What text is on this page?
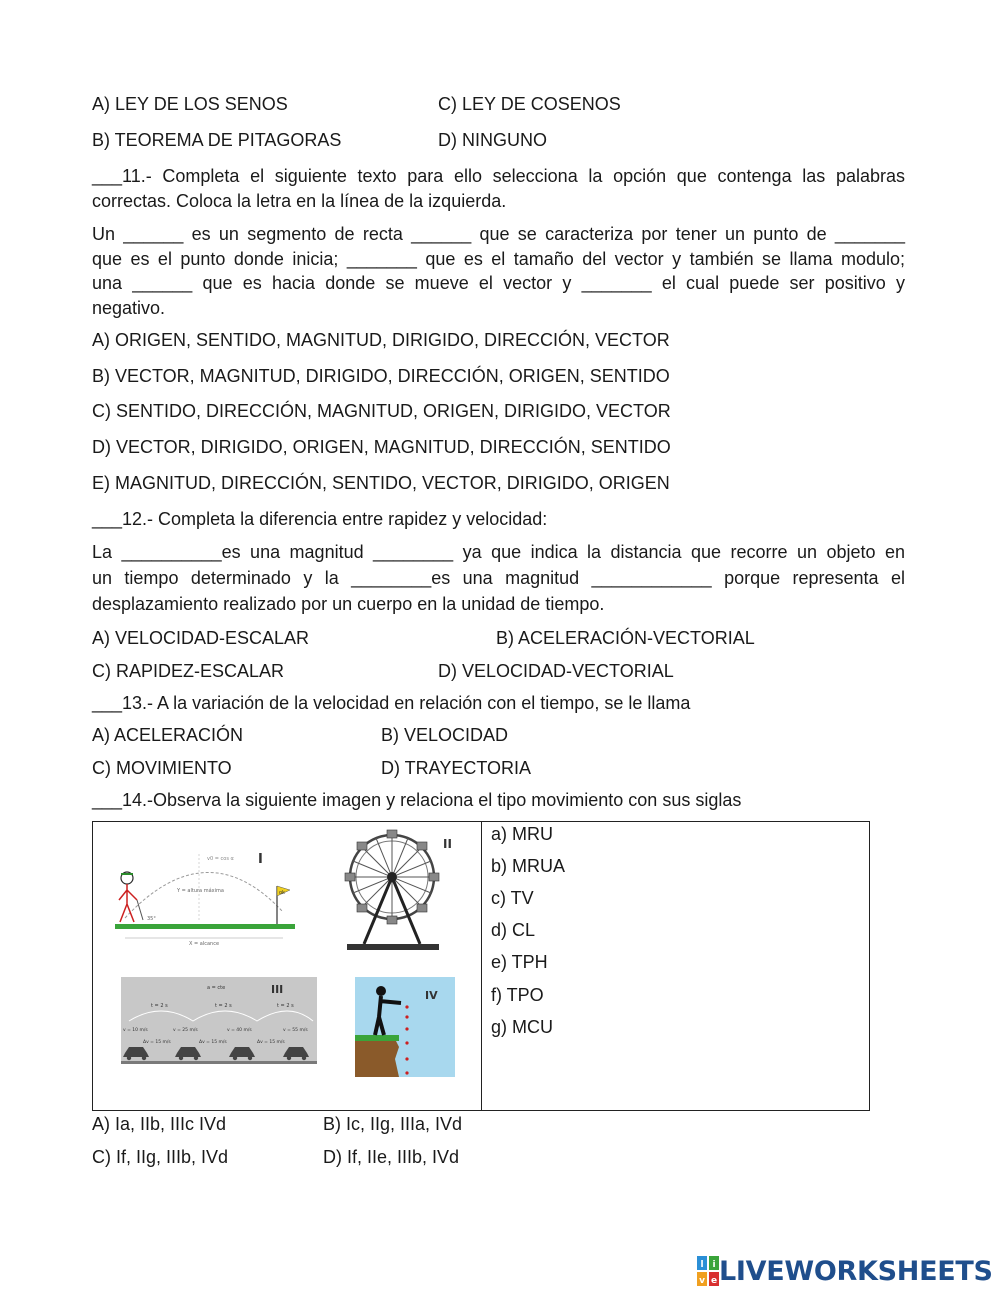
A) LEY DE LOS SENOS	C) LEY DE COSENOS
B) TEOREMA DE PITAGORAS	D) NINGUNO
___11.- Completa el siguiente texto para ello selecciona la opción que contenga las palabras
correctas. Coloca la letra en la línea de la izquierda.
Un ______ es un segmento de recta ______ que se caracteriza por tener un punto de _______
que es el punto donde inicia; _______ que es el tamaño del vector y también se llama modulo;
una ______ que es hacia donde se mueve el vector y _______ el cual puede ser positivo y
negativo.
A) ORIGEN, SENTIDO, MAGNITUD, DIRIGIDO, DIRECCIÓN, VECTOR
B) VECTOR, MAGNITUD, DIRIGIDO, DIRECCIÓN, ORIGEN, SENTIDO
C) SENTIDO, DIRECCIÓN, MAGNITUD, ORIGEN, DIRIGIDO, VECTOR
D) VECTOR, DIRIGIDO, ORIGEN, MAGNITUD, DIRECCIÓN, SENTIDO
E) MAGNITUD, DIRECCIÓN, SENTIDO, VECTOR, DIRIGIDO, ORIGEN
___12.- Completa la diferencia entre rapidez y velocidad:
La __________es una magnitud ________ ya que indica la distancia que recorre un objeto en
un tiempo determinado y la ________es una magnitud ____________ porque representa el
desplazamiento realizado por un cuerpo en la unidad de tiempo.
A) VELOCIDAD-ESCALAR	B) ACELERACIÓN-VECTORIAL
C) RAPIDEZ-ESCALAR	D) VELOCIDAD-VECTORIAL
___13.- A la variación de la velocidad en relación con el tiempo, se le llama
A) ACELERACIÓN	B) VELOCIDAD
C) MOVIMIENTO	D) TRAYECTORIA
___14.-Observa la siguiente imagen y relaciona el tipo movimiento con sus siglas
v0 = cos α
Y = altura máxima
X = alcance
35°
ok
I
II
a = cte
t = 2 s	t = 2 s	t = 2 s
v = 10 m/s	v = 25 m/s	v = 40 m/s	v = 55 m/s
Δv = 15 m/s	Δv = 15 m/s	Δv = 15 m/s
III	IV
a) MRU
b) MRUA
c) TV
d) CL
e) TPH
f) TPO
g) MCU
A) Ia, IIb, IIIc IVd	B) Ic, IIg, IIIa, IVd
C) If, IIg, IIIb, IVd	D) If, IIe, IIIb, IVd
l i
v e LIVEWORKSHEETS
